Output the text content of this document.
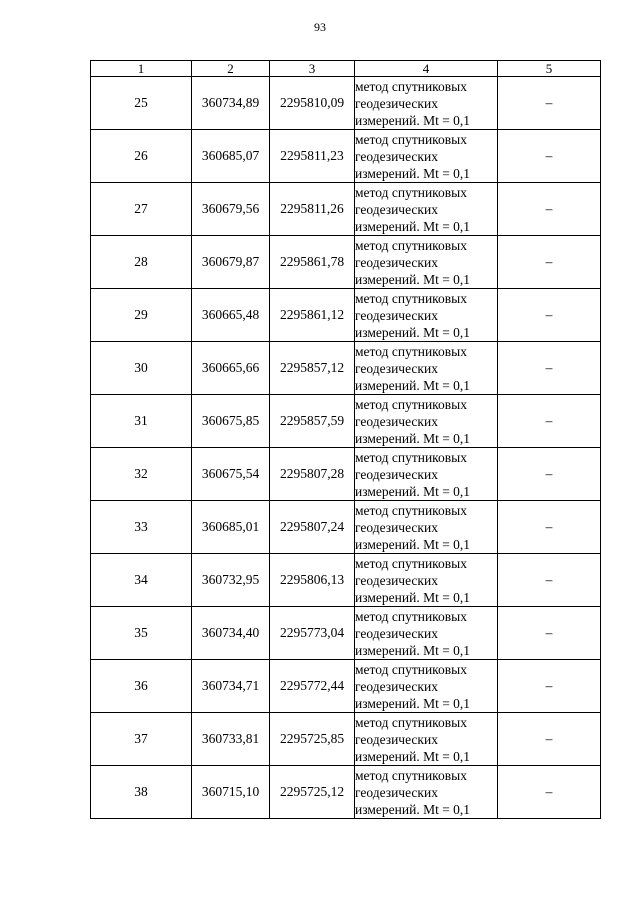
93
1	2	3	4	5
25	360734,89	2295810,09	метод спутниковых
геодезических
измерений. Mt = 0,1	–
26	360685,07	2295811,23	метод спутниковых
геодезических
измерений. Mt = 0,1	–
27	360679,56	2295811,26	метод спутниковых
геодезических
измерений. Mt = 0,1	–
28	360679,87	2295861,78	метод спутниковых
геодезических
измерений. Mt = 0,1	–
29	360665,48	2295861,12	метод спутниковых
геодезических
измерений. Mt = 0,1	–
30	360665,66	2295857,12	метод спутниковых
геодезических
измерений. Mt = 0,1	–
31	360675,85	2295857,59	метод спутниковых
геодезических
измерений. Mt = 0,1	–
32	360675,54	2295807,28	метод спутниковых
геодезических
измерений. Mt = 0,1	–
33	360685,01	2295807,24	метод спутниковых
геодезических
измерений. Mt = 0,1	–
34	360732,95	2295806,13	метод спутниковых
геодезических
измерений. Mt = 0,1	–
35	360734,40	2295773,04	метод спутниковых
геодезических
измерений. Mt = 0,1	–
36	360734,71	2295772,44	метод спутниковых
геодезических
измерений. Mt = 0,1	–
37	360733,81	2295725,85	метод спутниковых
геодезических
измерений. Mt = 0,1	–
38	360715,10	2295725,12	метод спутниковых
геодезических
измерений. Mt = 0,1	–
